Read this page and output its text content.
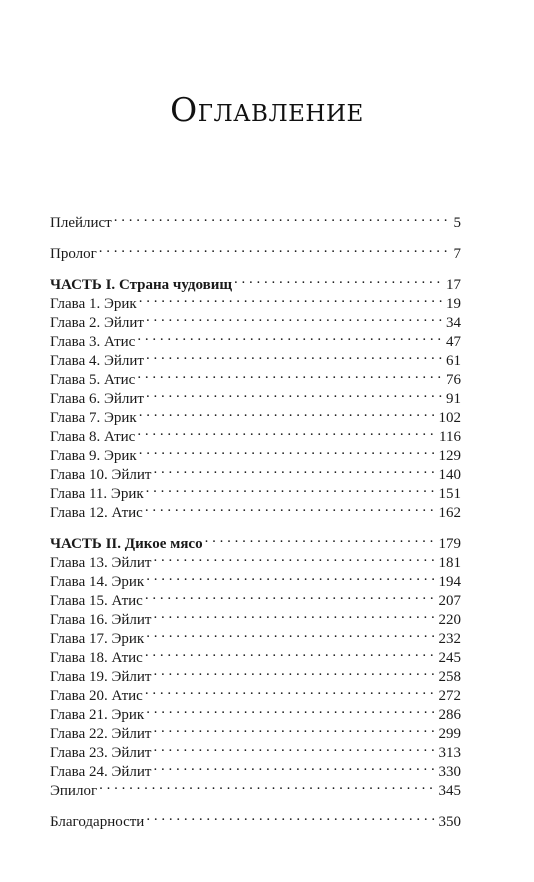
Оглавление
Плейлист . . .	5
Пролог . . .	7
ЧАСТЬ I. Страна чудовищ . . .	17
Глава 1. Эрик . . .	19
Глава 2. Эйлит . . .	34
Глава 3. Атис . . .	47
Глава 4. Эйлит . . .	61
Глава 5. Атис . . .	76
Глава 6. Эйлит . . .	91
Глава 7. Эрик . . .	102
Глава 8. Атис . . .	116
Глава 9. Эрик . . .	129
Глава 10. Эйлит . . .	140
Глава 11. Эрик . . .	151
Глава 12. Атис . . .	162
ЧАСТЬ II. Дикое мясо . . .	179
Глава 13. Эйлит . . .	181
Глава 14. Эрик . . .	194
Глава 15. Атис . . .	207
Глава 16. Эйлит . . .	220
Глава 17. Эрик . . .	232
Глава 18. Атис . . .	245
Глава 19. Эйлит . . .	258
Глава 20. Атис . . .	272
Глава 21. Эрик . . .	286
Глава 22. Эйлит . . .	299
Глава 23. Эйлит . . .	313
Глава 24. Эйлит . . .	330
Эпилог . . .	345
Благодарности . . .	350
